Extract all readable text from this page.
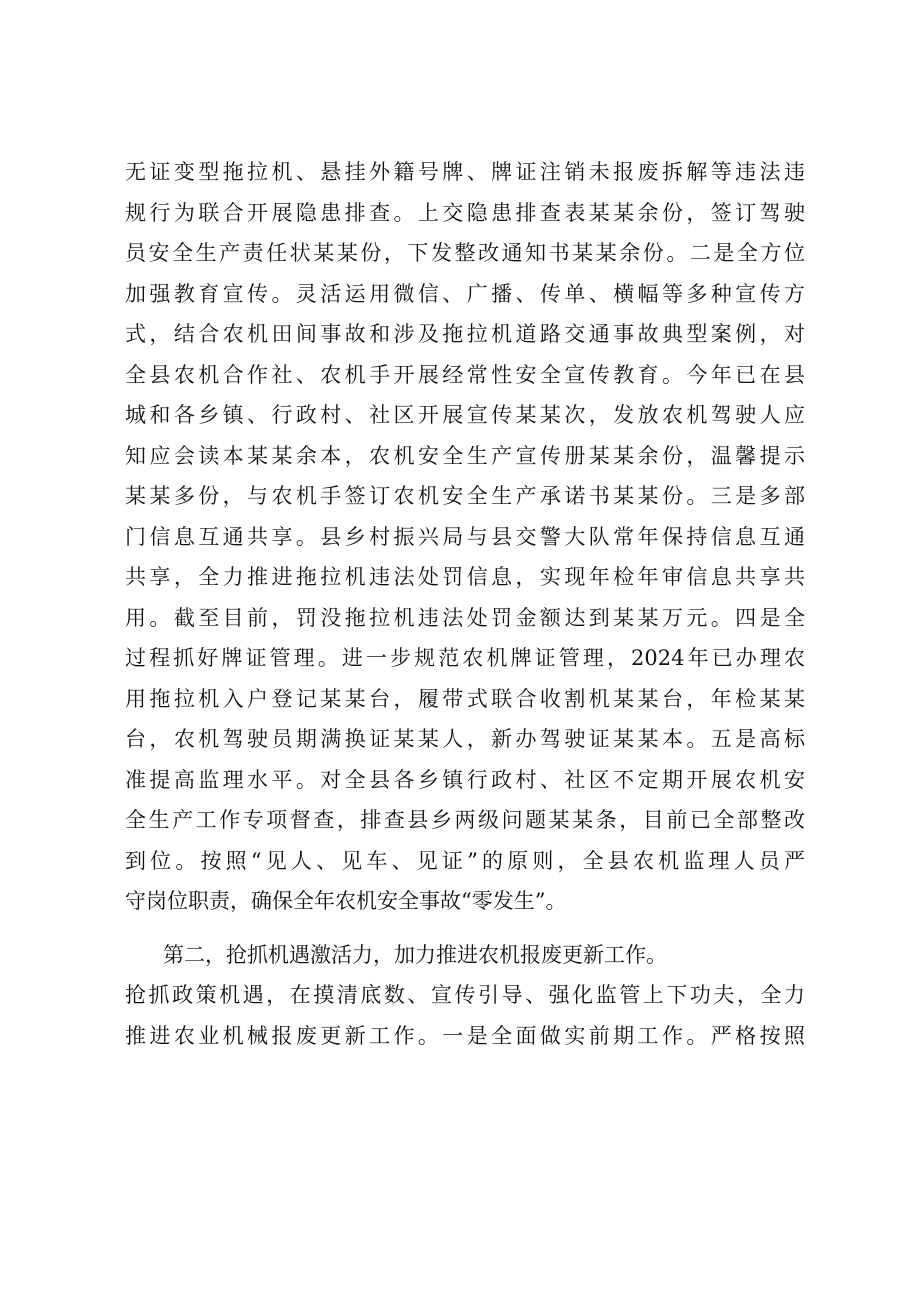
无证变型拖拉机、悬挂外籍号牌、牌证注销未报废拆解等违法违
规行为联合开展隐患排查。上交隐患排查表某某余份，签订驾驶
员安全生产责任状某某份，下发整改通知书某某余份。二是全方位
加强教育宣传。灵活运用微信、广播、传单、横幅等多种宣传方
式，结合农机田间事故和涉及拖拉机道路交通事故典型案例，对
全县农机合作社、农机手开展经常性安全宣传教育。今年已在县
城和各乡镇、行政村、社区开展宣传某某次，发放农机驾驶人应
知应会读本某某余本，农机安全生产宣传册某某余份，温馨提示
某某多份，与农机手签订农机安全生产承诺书某某份。三是多部
门信息互通共享。县乡村振兴局与县交警大队常年保持信息互通
共享，全力推进拖拉机违法处罚信息，实现年检年审信息共享共
用。截至目前，罚没拖拉机违法处罚金额达到某某万元。四是全
过程抓好牌证管理。进一步规范农机牌证管理，2024年已办理农
用拖拉机入户登记某某台，履带式联合收割机某某台，年检某某
台，农机驾驶员期满换证某某人，新办驾驶证某某本。五是高标
准提高监理水平。对全县各乡镇行政村、社区不定期开展农机安
全生产工作专项督查，排查县乡两级问题某某条，目前已全部整改
到位。按照“见人、见车、见证”的原则，全县农机监理人员严
守岗位职责，确保全年农机安全事故“零发生”。
第二，抢抓机遇激活力，加力推进农机报废更新工作。
抢抓政策机遇，在摸清底数、宣传引导、强化监管上下功夫，全力
推进农业机械报废更新工作。一是全面做实前期工作。严格按照
